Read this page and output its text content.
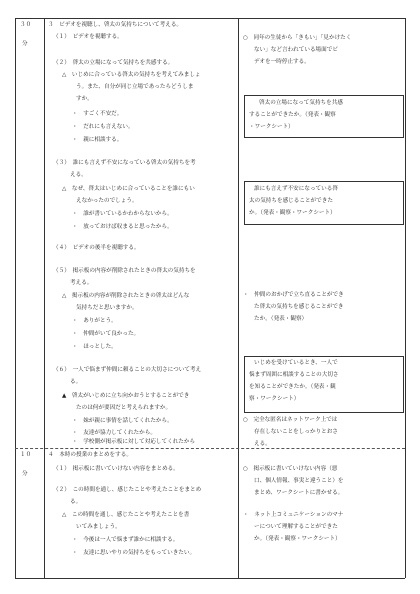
３０
分
１０
分
３　ビデオを視聴し、啓太の気持ちについて考える。
（１）　ビデオを視聴する。
（２）　啓太の立場になって気持ちを共感する。
△　いじめに合っている啓太の気持ちを考えてみましょ
う。また、自分が同じ立場であったらどうしま
すか。
・　すごく不安だ。
・　だれにも言えない。
・　親に相談する。
（３）　誰にも言えず不安になっている啓太の気持ちを考
える。
△　なぜ、啓太はいじめに合っていることを誰にもい
えなかったのでしょう。
・　誰が書いているかわからないから。
・　放っておけば収まると思ったから。
（４）　ビデオの後半を視聴する。
（５）　掲示板の内容が削除されたときの啓太の気持ちを
考える。
△　掲示板の内容が削除されたときの啓太はどんな
気持ちだと思いますか。
・　ありがとう。
・　仲間がいて良かった。
・　ほっとした。
（６）　一人で悩まず仲間に頼ることの大切さについて考え
る。
▲　啓太がいじめに立ち向かおうとすることができ
たのは何が要因だと考えられますか。
・　妹が親に事情を話してくれたから。
・　友達が協力してくれたから。
・　学校側が掲示板に対して対応してくれたから
４　本時の授業のまとめをする。
（１）　掲示板に書いていけない内容をまとめる。
（２）　この時間を通し、感じたことや考えたことをまとめ
る。
△　この時間を通し、感じたことや考えたことを書
いてみましょう。
・　今後は一人で悩まず誰かに相談する。
・　友達に思いやりの気持ちをもっていきたい。
○　同年の生徒から「きもい」「見かけたく
ない」など言われている場面でビ
デオを一時停止する。
啓太の立場になって気持ちを共感
することができたか。（発表・観察
・ワークシート）
誰にも言えず不安になっている啓
太の気持ちを感じることができた
か。（発表・観察・ワークシート）
・　仲間のおかげで立ち直ることができ
た啓太の気持ちを感じることができ
たか。（発表・観察）
いじめを受けているとき、一人で
悩まず周囲に相談することの大切さ
を知ることができたか。（発表・観
察・ワークシート）
○　完全な匿名はネットワーク上では
存在しないことをしっかりとおさ
える。
○　掲示板に書いていけない内容（悪
口、個人情報、事実と違うこと）を
まとめ、ワークシートに書かせる。
・　ネット上コミュニケーションのマナ
ーについて理解することができた
か。（発表・観察・ワークシート）
